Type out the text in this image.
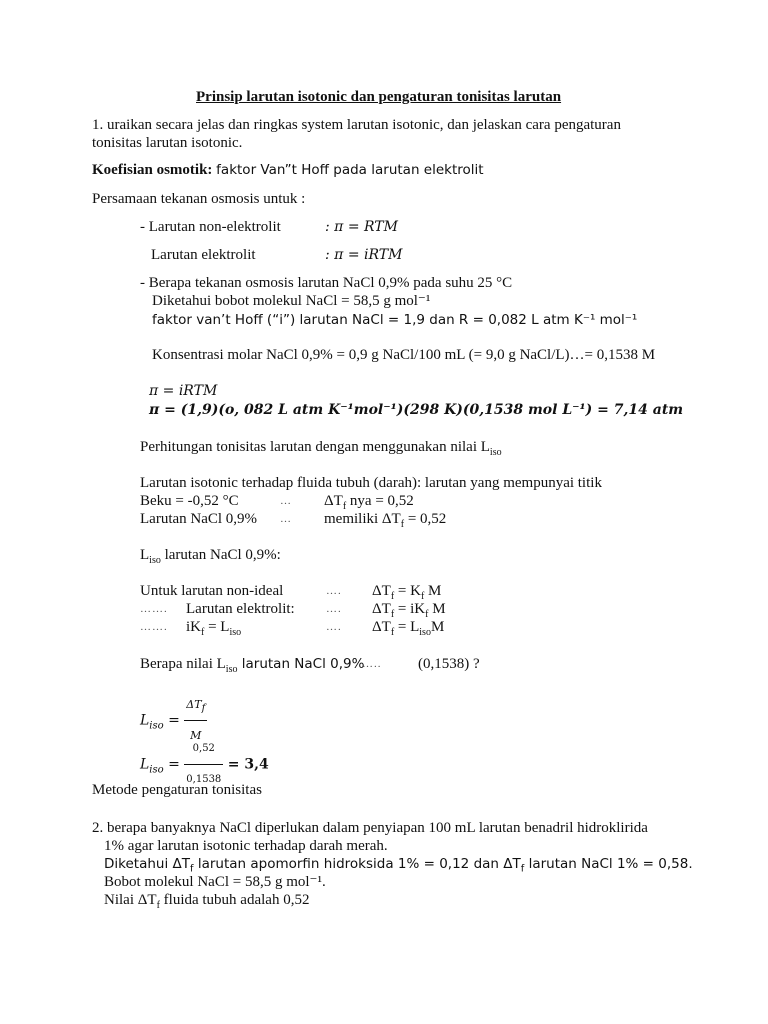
Prinsip larutan isotonic dan pengaturan tonisitas larutan
1. uraikan secara jelas dan ringkas system larutan isotonic, dan jelaskan cara pengaturan
tonisitas larutan isotonic.
Koefisian osmotik: faktor Van”t Hoff pada larutan elektrolit
Persamaan tekanan osmosis untuk :
- Larutan non-elektrolit	: π = RTM
Larutan elektrolit	: π = iRTM
- Berapa tekanan osmosis larutan NaCl 0,9% pada suhu 25 °C
Diketahui bobot molekul NaCl = 58,5 g mol⁻¹
faktor van’t Hoff (“i”) larutan NaCl = 1,9 dan R = 0,082 L atm K⁻¹ mol⁻¹
Konsentrasi molar NaCl 0,9% = 0,9 g NaCl/100 mL (= 9,0 g NaCl/L)…= 0,1538 M
π = iRTM
π = (1,9)(o, 082 L atm K⁻¹mol⁻¹)(298 K)(0,1538 mol L⁻¹) = 7,14 atm
Perhitungan tonisitas larutan dengan menggunakan nilai $L_{iso}$
Larutan isotonic terhadap fluida tubuh (darah): larutan yang mempunyai titik
Beku = -0,52 °C	… $\Delta T_f$ nya = 0,52
Larutan NaCl 0,9% … memiliki $\Delta T_f = 0,52$
$L_{iso}$ larutan NaCl 0,9%:
Untuk larutan non-ideal	…. $\Delta T_f = K_f$ M
……. Larutan elektrolit:	…. $\Delta T_f = iK_f$ M
……. $iK_f = L_{iso}$	…. $\Delta T_f = L_{iso}M$
Berapa nilai $L_{iso}$ larutan NaCl 0,9%
….. (0,1538) ?
$L_{iso} = \frac{\Delta T_f}{M}$
$L_{iso} = \frac{0,52}{0,1538} = 3,4$
Metode pengaturan tonisitas
2. berapa banyaknya NaCl diperlukan dalam penyiapan 100 mL larutan benadril hidroklirida
1% agar larutan isotonic terhadap darah merah.
Diketahui $\Delta T_f$ larutan apomorfin hidroksida 1% = 0,12 dan $\Delta T_f$ larutan NaCl 1% = 0,58.
Bobot molekul NaCl = 58,5 g mol⁻¹.
Nilai $\Delta T_f$ fluida tubuh adalah 0,52
